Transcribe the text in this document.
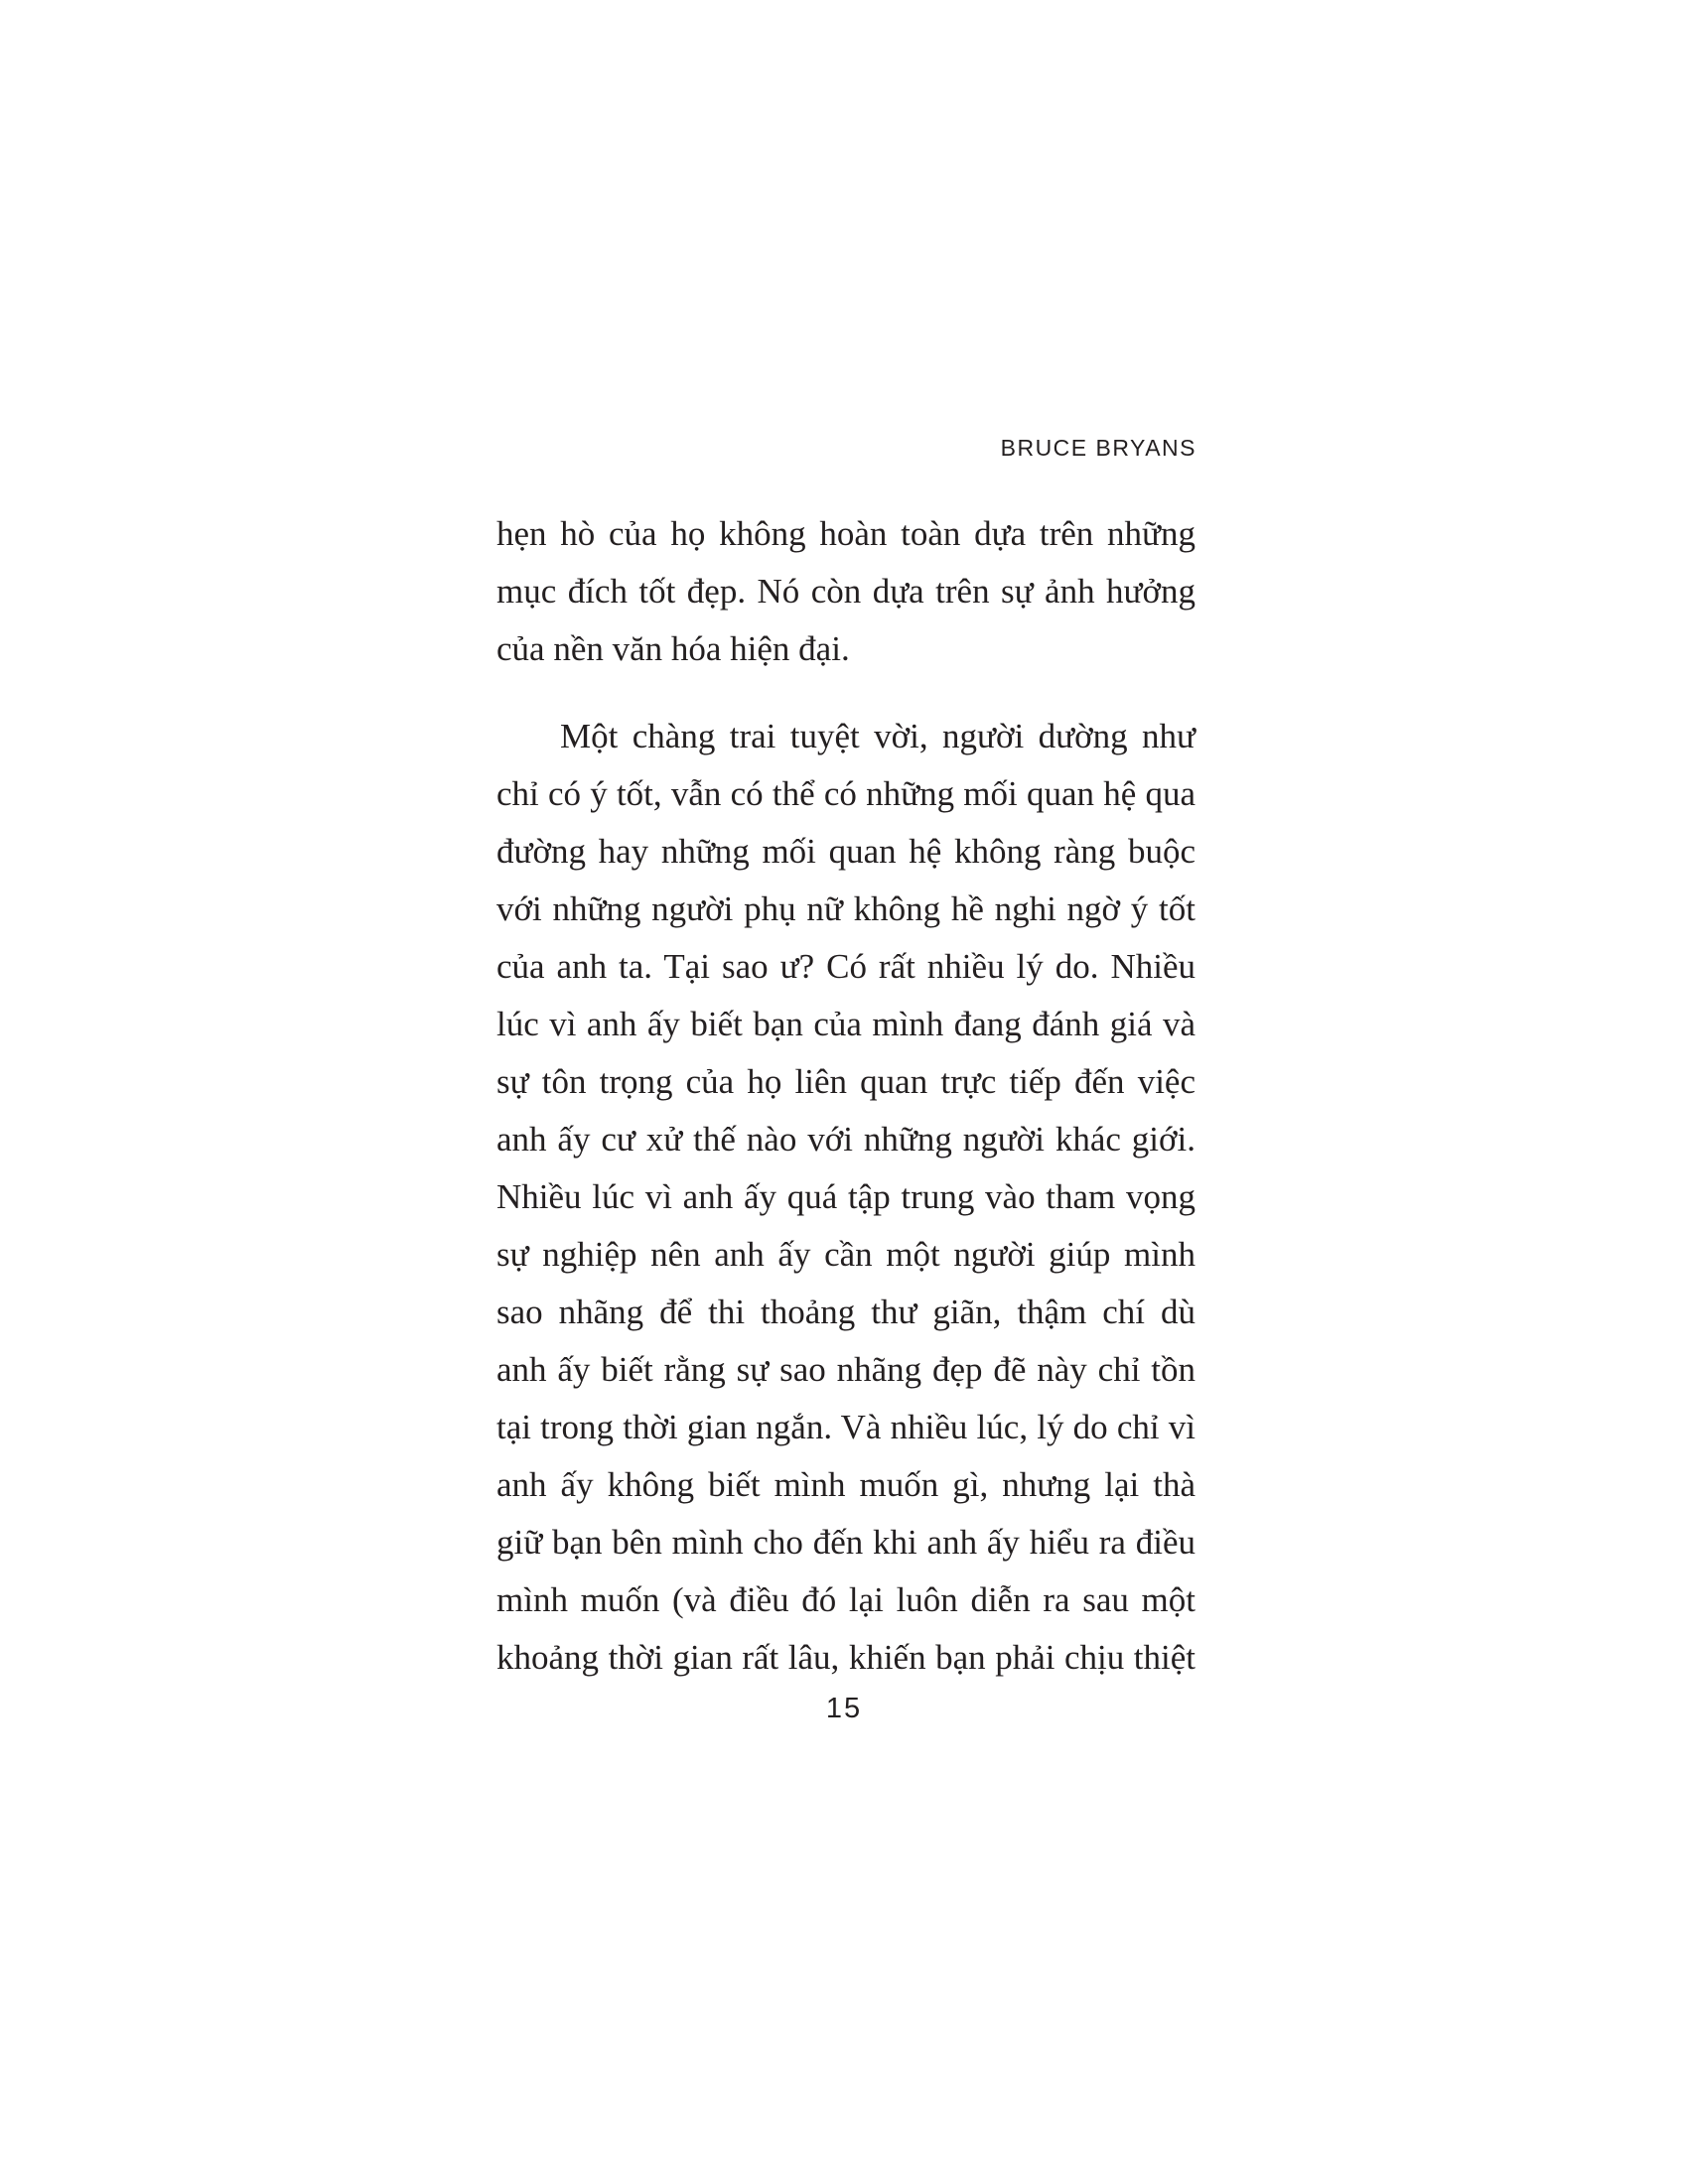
BRUCE BRYANS
hẹn hò của họ không hoàn toàn dựa trên những
mục đích tốt đẹp. Nó còn dựa trên sự ảnh hưởng
của nền văn hóa hiện đại.
Một chàng trai tuyệt vời, người dường như
chỉ có ý tốt, vẫn có thể có những mối quan hệ qua
đường hay những mối quan hệ không ràng buộc
với những người phụ nữ không hề nghi ngờ ý tốt
của anh ta. Tại sao ư? Có rất nhiều lý do. Nhiều
lúc vì anh ấy biết bạn của mình đang đánh giá và
sự tôn trọng của họ liên quan trực tiếp đến việc
anh ấy cư xử thế nào với những người khác giới.
Nhiều lúc vì anh ấy quá tập trung vào tham vọng
sự nghiệp nên anh ấy cần một người giúp mình
sao nhãng để thi thoảng thư giãn, thậm chí dù
anh ấy biết rằng sự sao nhãng đẹp đẽ này chỉ tồn
tại trong thời gian ngắn. Và nhiều lúc, lý do chỉ vì
anh ấy không biết mình muốn gì, nhưng lại thà
giữ bạn bên mình cho đến khi anh ấy hiểu ra điều
mình muốn (và điều đó lại luôn diễn ra sau một
khoảng thời gian rất lâu, khiến bạn phải chịu thiệt
15
